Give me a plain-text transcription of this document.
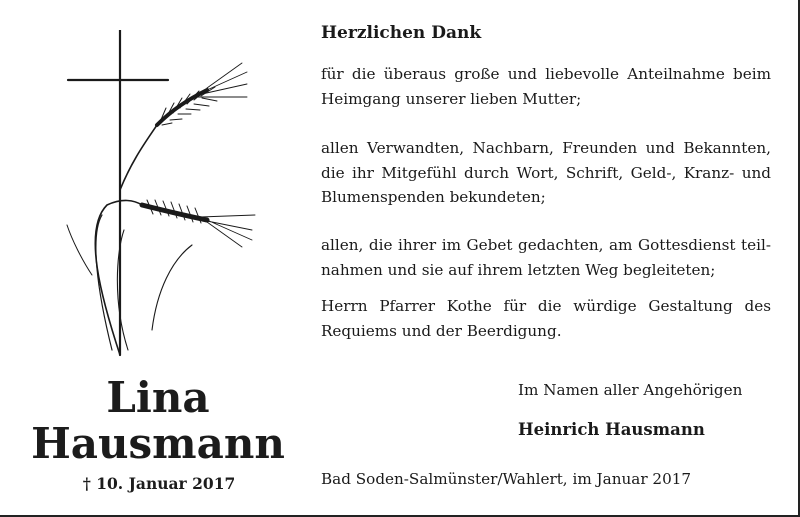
Lina
Hausmann
† 10. Januar 2017
Herzlichen Dank

für die überaus große und liebevolle Anteilnahme beim Heimgang unserer lieben Mutter;

allen Verwandten, Nachbarn, Freunden und Bekannten, die ihr Mitgefühl durch Wort, Schrift, Geld-, Kranz- und Blumenspenden bekundeten;

allen, die ihrer im Gebet gedachten, am Gottesdienst teilnahmen und sie auf ihrem letzten Weg begleiteten;

Herrn Pfarrer Kothe für die würdige Gestaltung des Requiems und der Beerdigung.

Im Namen aller Angehörigen
Heinrich Hausmann
Bad Soden-Salmünster/Wahlert, im Januar 2017
